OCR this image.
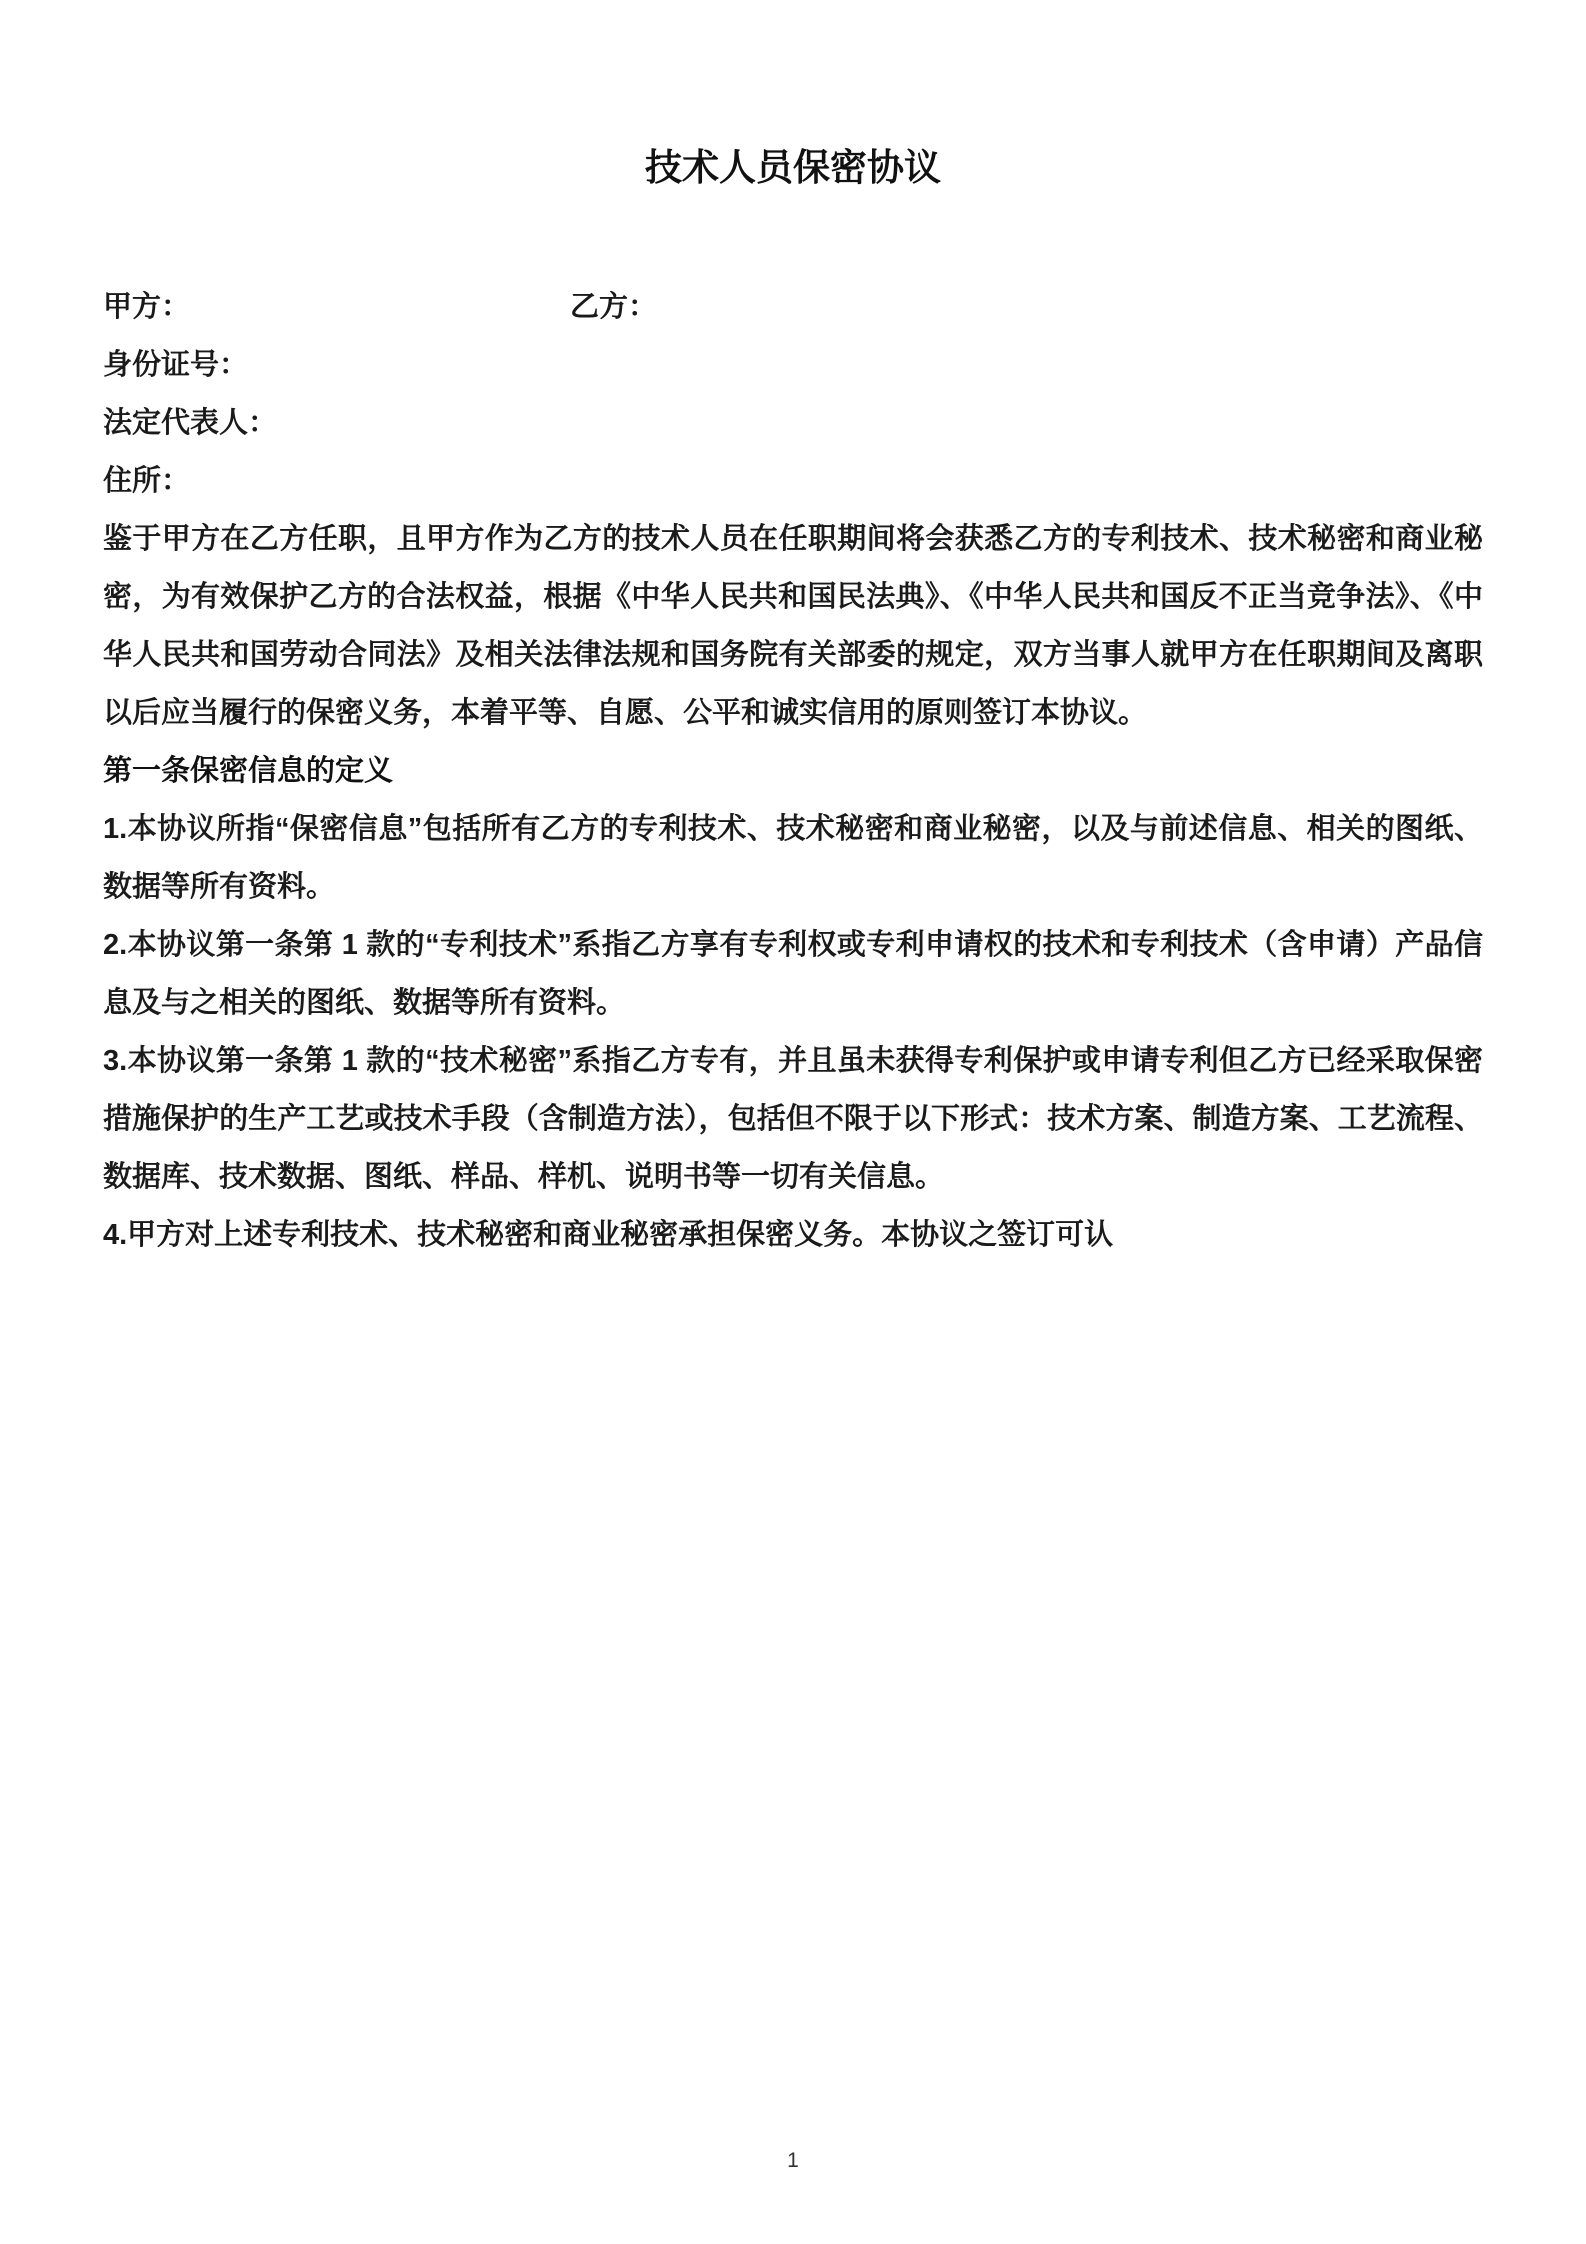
技术人员保密协议
甲方：	乙方：
身份证号：
法定代表人：
住所：

鉴于甲方在乙方任职，且甲方作为乙方的技术人员在任职期间将会获悉乙方的专利技术、技术秘密和商业秘密，为有效保护乙方的合法权益，根据《中华人民共和国民法典》、《中华人民共和国反不正当竞争法》、《中华人民共和国劳动合同法》及相关法律法规和国务院有关部委的规定，双方当事人就甲方在任职期间及离职以后应当履行的保密义务，本着平等、自愿、公平和诚实信用的原则签订本协议。

第一条保密信息的定义

1.本协议所指“保密信息”包括所有乙方的专利技术、技术秘密和商业秘密，以及与前述信息、相关的图纸、数据等所有资料。

2.本协议第一条第 1 款的“专利技术”系指乙方享有专利权或专利申请权的技术和专利技术（含申请）产品信息及与之相关的图纸、数据等所有资料。

3.本协议第一条第 1 款的“技术秘密”系指乙方专有，并且虽未获得专利保护或申请专利但乙方已经采取保密措施保护的生产工艺或技术手段（含制造方法），包括但不限于以下形式：技术方案、制造方案、工艺流程、数据库、技术数据、图纸、样品、样机、说明书等一切有关信息。

4.甲方对上述专利技术、技术秘密和商业秘密承担保密义务。本协议之签订可认

1
